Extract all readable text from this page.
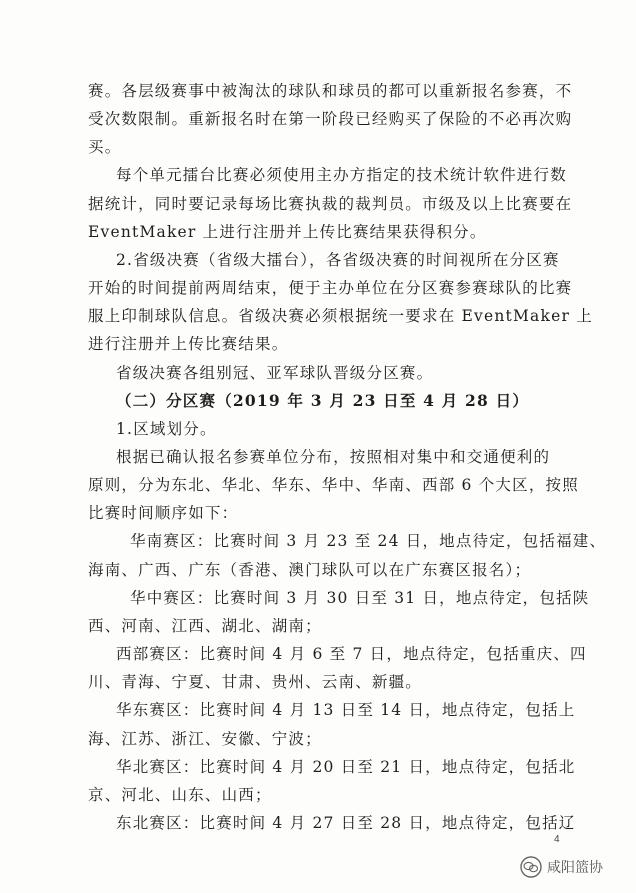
赛。各层级赛事中被淘汰的球队和球员的都可以重新报名参赛，不
受次数限制。重新报名时在第一阶段已经购买了保险的不必再次购
买。
每个单元擂台比赛必须使用主办方指定的技术统计软件进行数
据统计，同时要记录每场比赛执裁的裁判员。市级及以上比赛要在
EventMaker 上进行注册并上传比赛结果获得积分。
2.省级决赛（省级大擂台），各省级决赛的时间视所在分区赛
开始的时间提前两周结束，便于主办单位在分区赛参赛球队的比赛
服上印制球队信息。省级决赛必须根据统一要求在 EventMaker 上
进行注册并上传比赛结果。
省级决赛各组别冠、亚军球队晋级分区赛。
（二）分区赛（2019 年 3 月 23 日至 4 月 28 日）
1.区域划分。
根据已确认报名参赛单位分布，按照相对集中和交通便利的
原则，分为东北、华北、华东、华中、华南、西部 6 个大区，按照
比赛时间顺序如下：
华南赛区：比赛时间 3 月 23 至 24 日，地点待定，包括福建、
海南、广西、广东（香港、澳门球队可以在广东赛区报名）；
华中赛区：比赛时间 3 月 30 日至 31 日，地点待定，包括陕
西、河南、江西、湖北、湖南；
西部赛区：比赛时间 4 月 6 至 7 日，地点待定，包括重庆、四
川、青海、宁夏、甘肃、贵州、云南、新疆。
华东赛区：比赛时间 4 月 13 日至 14 日，地点待定，包括上
海、江苏、浙江、安徽、宁波；
华北赛区：比赛时间 4 月 20 日至 21 日，地点待定，包括北
京、河北、山东、山西；
东北赛区：比赛时间 4 月 27 日至 28 日，地点待定，包括辽
4
咸阳篮协
